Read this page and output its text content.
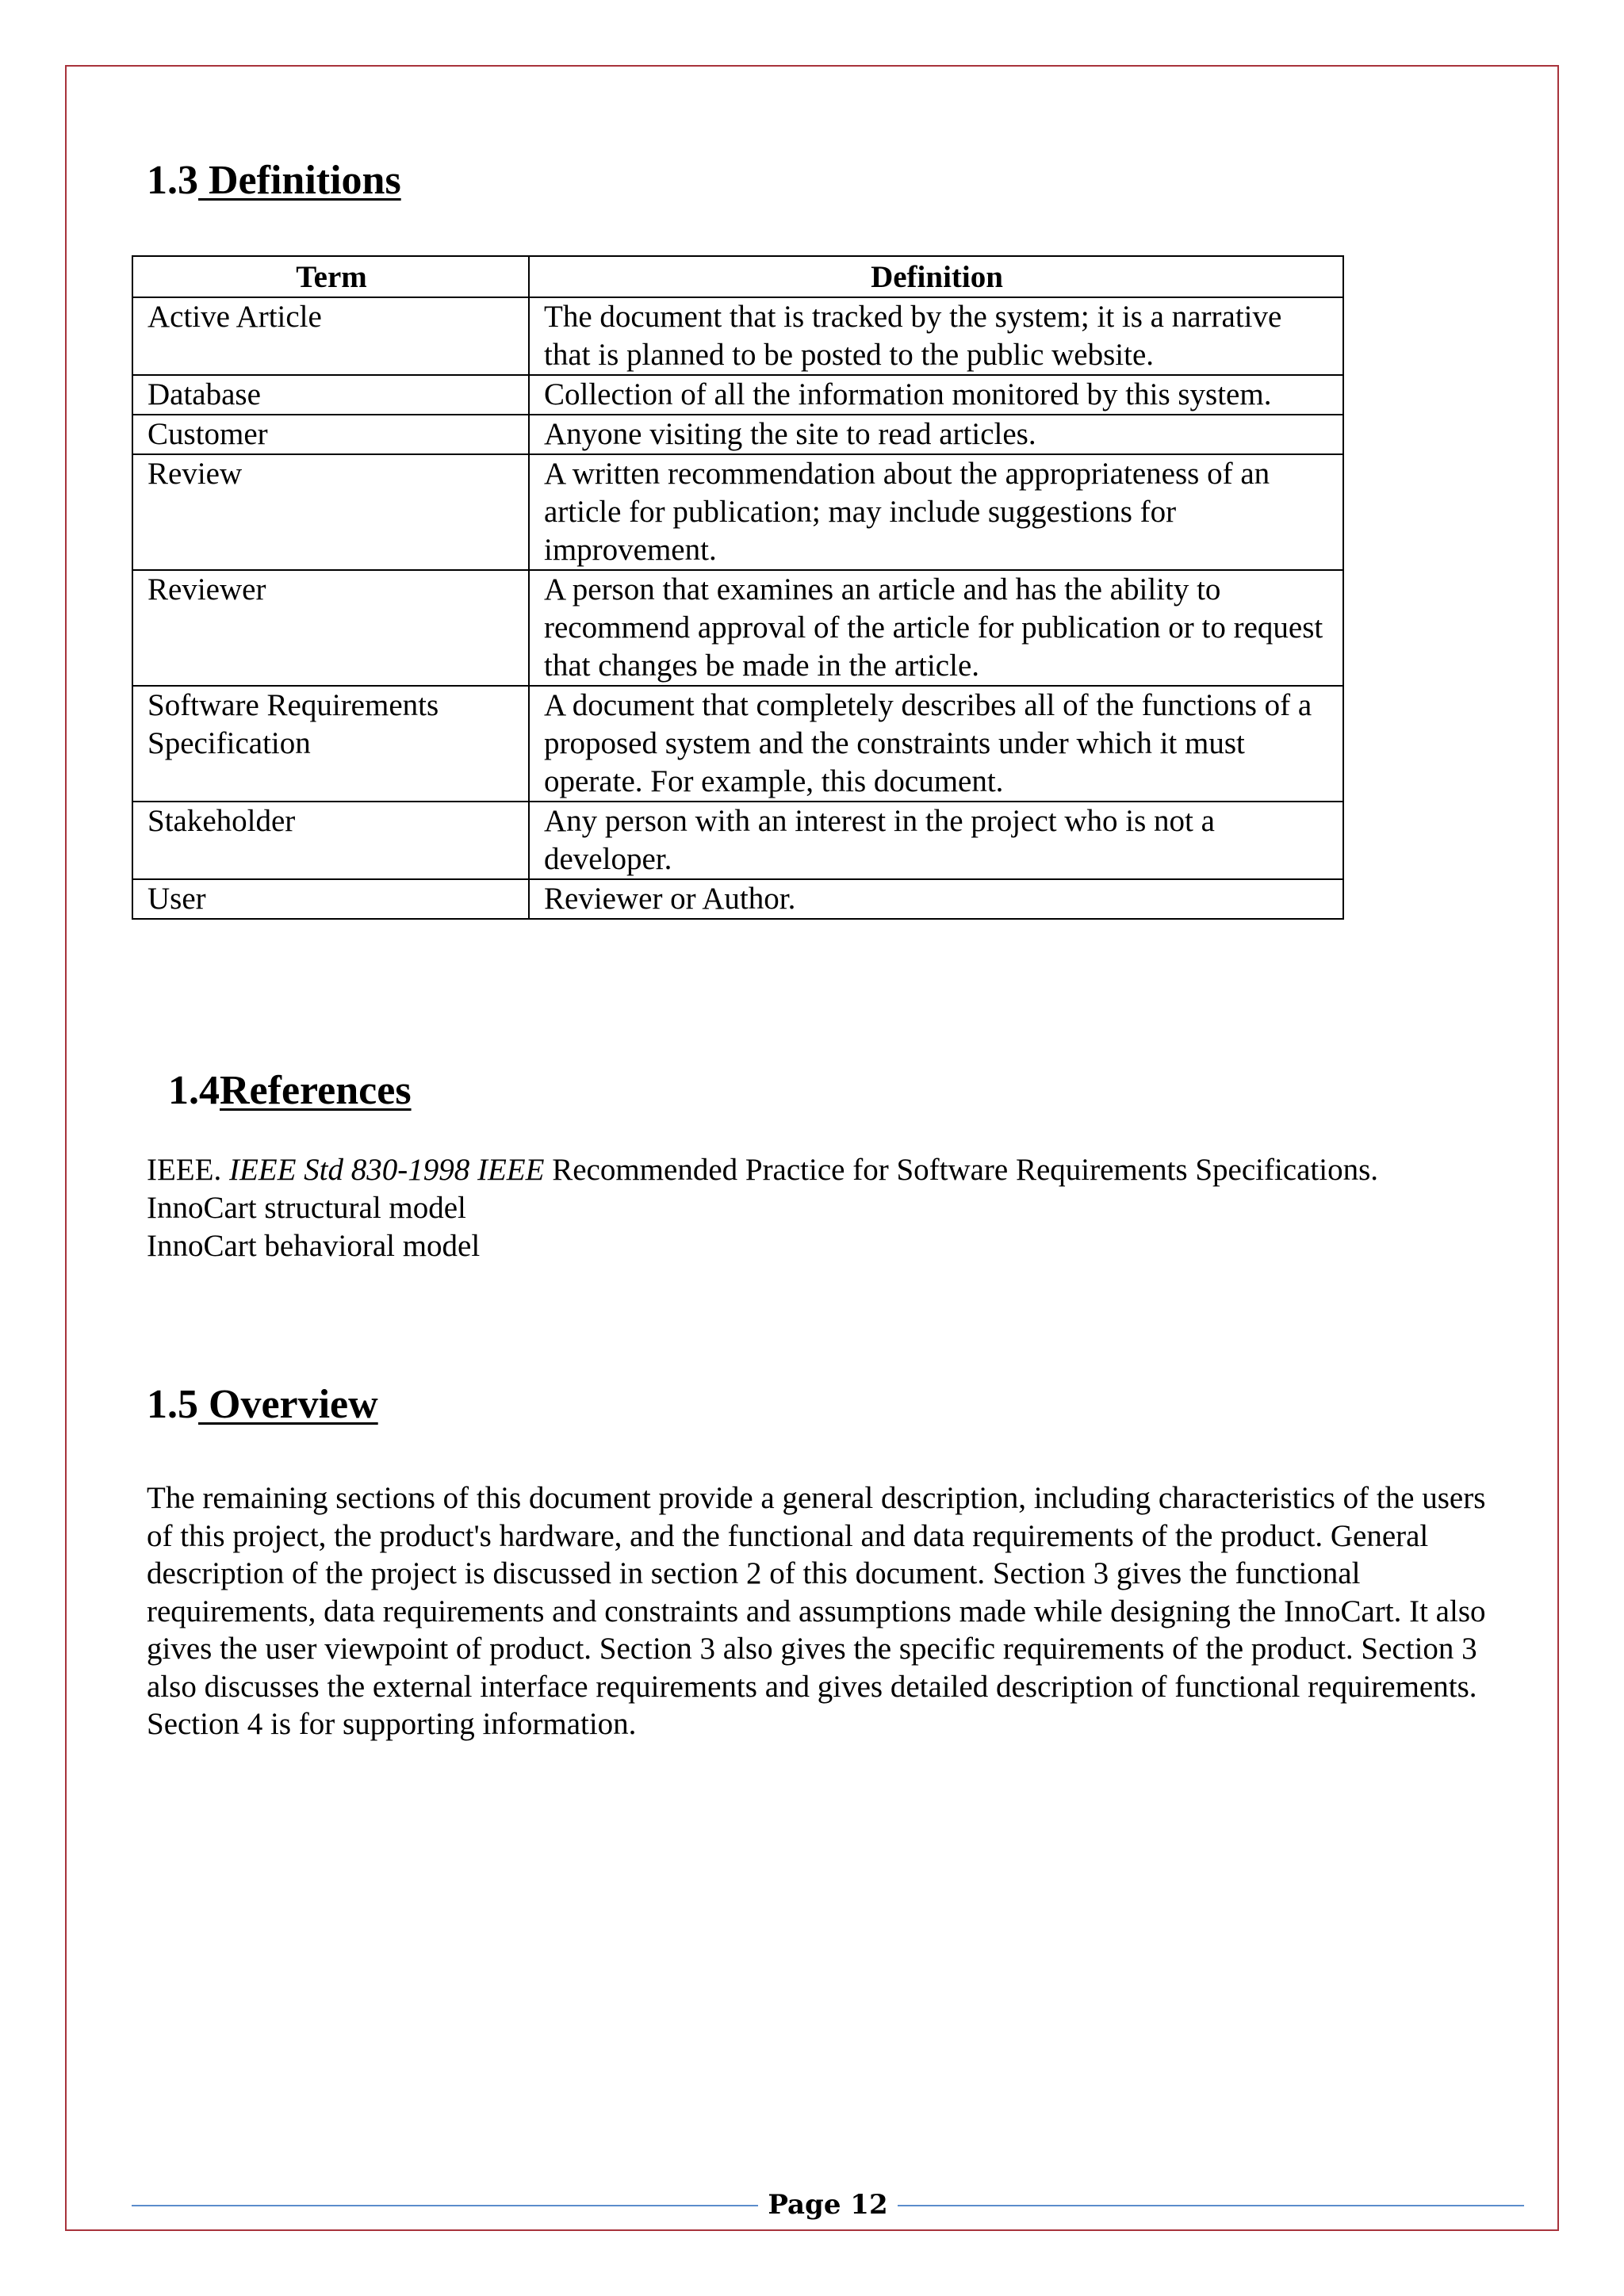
1.3 Definitions
Term	Definition
Active Article	The document that is tracked by the system; it is a narrative that is planned to be posted to the public website.
Database	Collection of all the information monitored by this system.
Customer	Anyone visiting the site to read articles.
Review	A written recommendation about the appropriateness of an article for publication; may include suggestions for improvement.
Reviewer	A person that examines an article and has the ability to recommend approval of the article for publication or to request that changes be made in the article.
Software Requirements Specification	A document that completely describes all of the functions of a proposed system and the constraints under which it must operate. For example, this document.
Stakeholder	Any person with an interest in the project who is not a developer.
User	Reviewer or Author.
1.4References
IEEE. IEEE Std 830-1998 IEEE Recommended Practice for Software Requirements Specifications.
InnoCart structural model
InnoCart behavioral model
1.5 Overview

The remaining sections of this document provide a general description, including characteristics of the users of this project, the product's hardware, and the functional and data requirements of the product. General description of the project is discussed in section 2 of this document. Section 3 gives the functional requirements, data requirements and constraints and assumptions made while designing the InnoCart. It also gives the user viewpoint of product. Section 3 also gives the specific requirements of the product. Section 3 also discusses the external interface requirements and gives detailed description of functional requirements. Section 4 is for supporting information.

Page 12
